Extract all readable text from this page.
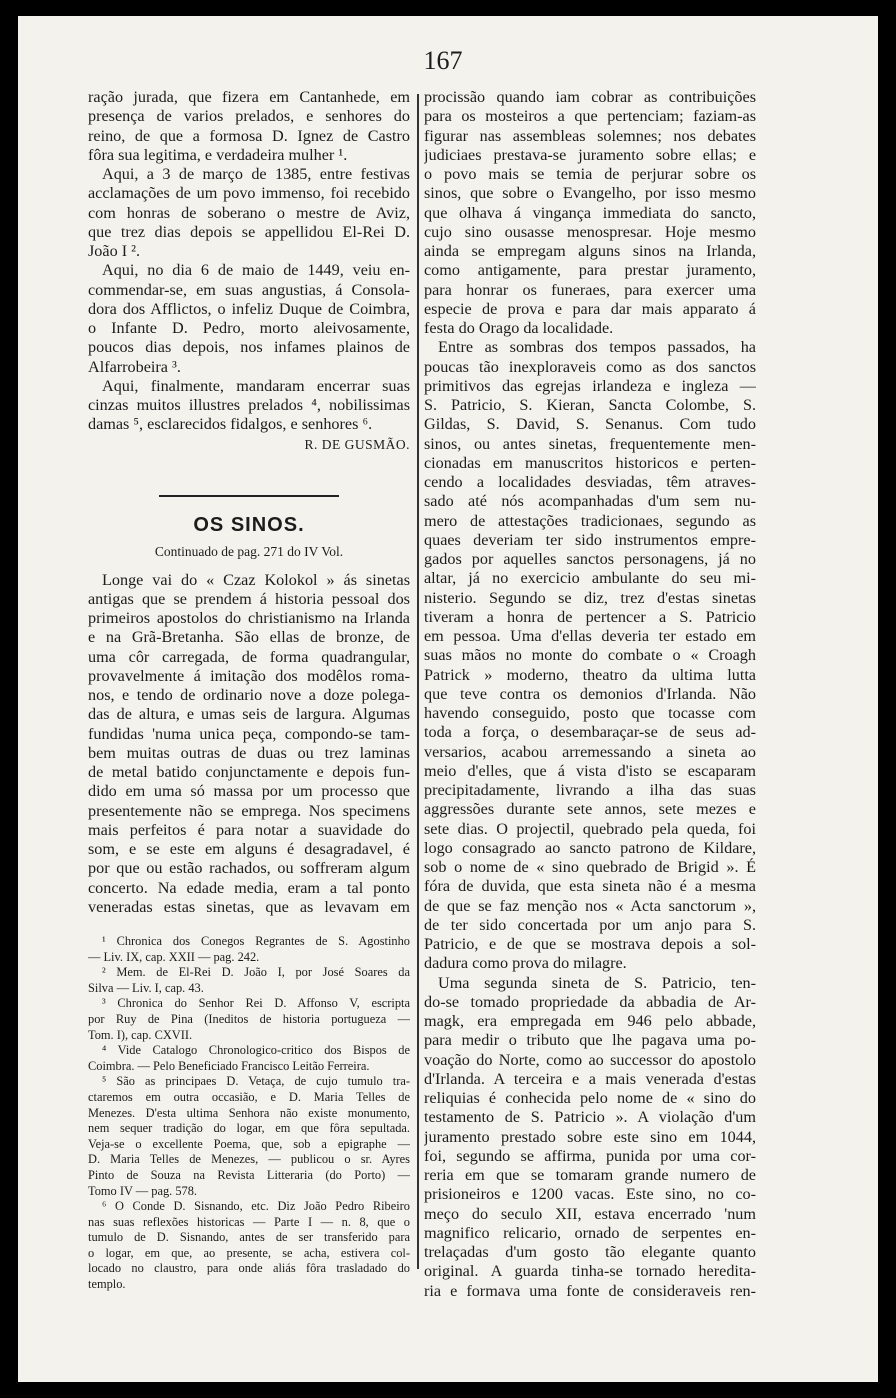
167
ração jurada, que fizera em Cantanhede, em
presença de varios prelados, e senhores do
reino, de que a formosa D. Ignez de Castro
fôra sua legitima, e verdadeira mulher ¹.
Aqui, a 3 de março de 1385, entre festivas
acclamações de um povo immenso, foi recebido
com honras de soberano o mestre de Aviz,
que trez dias depois se appellidou El-Rei D.
João I ².
Aqui, no dia 6 de maio de 1449, veiu en-
commendar-se, em suas angustias, á Consola-
dora dos Afflictos, o infeliz Duque de Coimbra,
o Infante D. Pedro, morto aleivosamente,
poucos dias depois, nos infames plainos de
Alfarrobeira ³.
Aqui, finalmente, mandaram encerrar suas
cinzas muitos illustres prelados ⁴, nobilissimas
damas ⁵, esclarecidos fidalgos, e senhores ⁶.
R. DE GUSMÃO.
OS SINOS.
Continuado de pag. 271 do IV Vol.
Longe vai do « Czaz Kolokol » ás sinetas
antigas que se prendem á historia pessoal dos
primeiros apostolos do christianismo na Irlanda
e na Grã-Bretanha. São ellas de bronze, de
uma côr carregada, de forma quadrangular,
provavelmente á imitação dos modêlos roma-
nos, e tendo de ordinario nove a doze polega-
das de altura, e umas seis de largura. Algumas
fundidas 'numa unica peça, compondo-se tam-
bem muitas outras de duas ou trez laminas
de metal batido conjunctamente e depois fun-
dido em uma só massa por um processo que
presentemente não se emprega. Nos specimens
mais perfeitos é para notar a suavidade do
som, e se este em alguns é desagradavel, é
por que ou estão rachados, ou soffreram algum
concerto. Na edade media, eram a tal ponto
veneradas estas sinetas, que as levavam em
¹ Chronica dos Conegos Regrantes de S. Agostinho
— Liv. IX, cap. XXII — pag. 242.
² Mem. de El-Rei D. João I, por José Soares da
Silva — Liv. I, cap. 43.
³ Chronica do Senhor Rei D. Affonso V, escripta
por Ruy de Pina (Ineditos de historia portugueza —
Tom. I), cap. CXVII.
⁴ Vide Catalogo Chronologico-critico dos Bispos de
Coimbra. — Pelo Beneficiado Francisco Leitão Ferreira.
⁵ São as principaes D. Vetaça, de cujo tumulo tra-
ctaremos em outra occasião, e D. Maria Telles de
Menezes. D'esta ultima Senhora não existe monumento,
nem sequer tradição do logar, em que fôra sepultada.
Veja-se o excellente Poema, que, sob a epigraphe —
D. Maria Telles de Menezes, — publicou o sr. Ayres
Pinto de Souza na Revista Litteraria (do Porto) —
Tomo IV — pag. 578.
⁶ O Conde D. Sisnando, etc. Diz João Pedro Ribeiro
nas suas reflexões historicas — Parte I — n. 8, que o
tumulo de D. Sisnando, antes de ser transferido para
o logar, em que, ao presente, se acha, estivera col-
locado no claustro, para onde aliás fôra trasladado do
templo.
procissão quando iam cobrar as contribuições
para os mosteiros a que pertenciam; faziam-as
figurar nas assembleas solemnes; nos debates
judiciaes prestava-se juramento sobre ellas; e
o povo mais se temia de perjurar sobre os
sinos, que sobre o Evangelho, por isso mesmo
que olhava á vingança immediata do sancto,
cujo sino ousasse menospresar. Hoje mesmo
ainda se empregam alguns sinos na Irlanda,
como antigamente, para prestar juramento,
para honrar os funeraes, para exercer uma
especie de prova e para dar mais apparato á
festa do Orago da localidade.
Entre as sombras dos tempos passados, ha
poucas tão inexploraveis como as dos sanctos
primitivos das egrejas irlandeza e ingleza —
S. Patricio, S. Kieran, Sancta Colombe, S.
Gildas, S. David, S. Senanus. Com tudo
sinos, ou antes sinetas, frequentemente men-
cionadas em manuscritos historicos e perten-
cendo a localidades desviadas, têm atraves-
sado até nós acompanhadas d'um sem nu-
mero de attestações tradicionaes, segundo as
quaes deveriam ter sido instrumentos empre-
gados por aquelles sanctos personagens, já no
altar, já no exercicio ambulante do seu mi-
nisterio. Segundo se diz, trez d'estas sinetas
tiveram a honra de pertencer a S. Patricio
em pessoa. Uma d'ellas deveria ter estado em
suas mãos no monte do combate o « Croagh
Patrick » moderno, theatro da ultima lutta
que teve contra os demonios d'Irlanda. Não
havendo conseguido, posto que tocasse com
toda a força, o desembaraçar-se de seus ad-
versarios, acabou arremessando a sineta ao
meio d'elles, que á vista d'isto se escaparam
precipitadamente, livrando a ilha das suas
aggressões durante sete annos, sete mezes e
sete dias. O projectil, quebrado pela queda, foi
logo consagrado ao sancto patrono de Kildare,
sob o nome de « sino quebrado de Brigid ». É
fóra de duvida, que esta sineta não é a mesma
de que se faz menção nos « Acta sanctorum »,
de ter sido concertada por um anjo para S.
Patricio, e de que se mostrava depois a sol-
dadura como prova do milagre.
Uma segunda sineta de S. Patricio, ten-
do-se tomado propriedade da abbadia de Ar-
magk, era empregada em 946 pelo abbade,
para medir o tributo que lhe pagava uma po-
voação do Norte, como ao successor do apostolo
d'Irlanda. A terceira e a mais venerada d'estas
reliquias é conhecida pelo nome de « sino do
testamento de S. Patricio ». A violação d'um
juramento prestado sobre este sino em 1044,
foi, segundo se affirma, punida por uma cor-
reria em que se tomaram grande numero de
prisioneiros e 1200 vacas. Este sino, no co-
meço do seculo XII, estava encerrado 'num
magnifico relicario, ornado de serpentes en-
trelaçadas d'um gosto tão elegante quanto
original. A guarda tinha-se tornado heredita-
ria e formava uma fonte de consideraveis ren-
